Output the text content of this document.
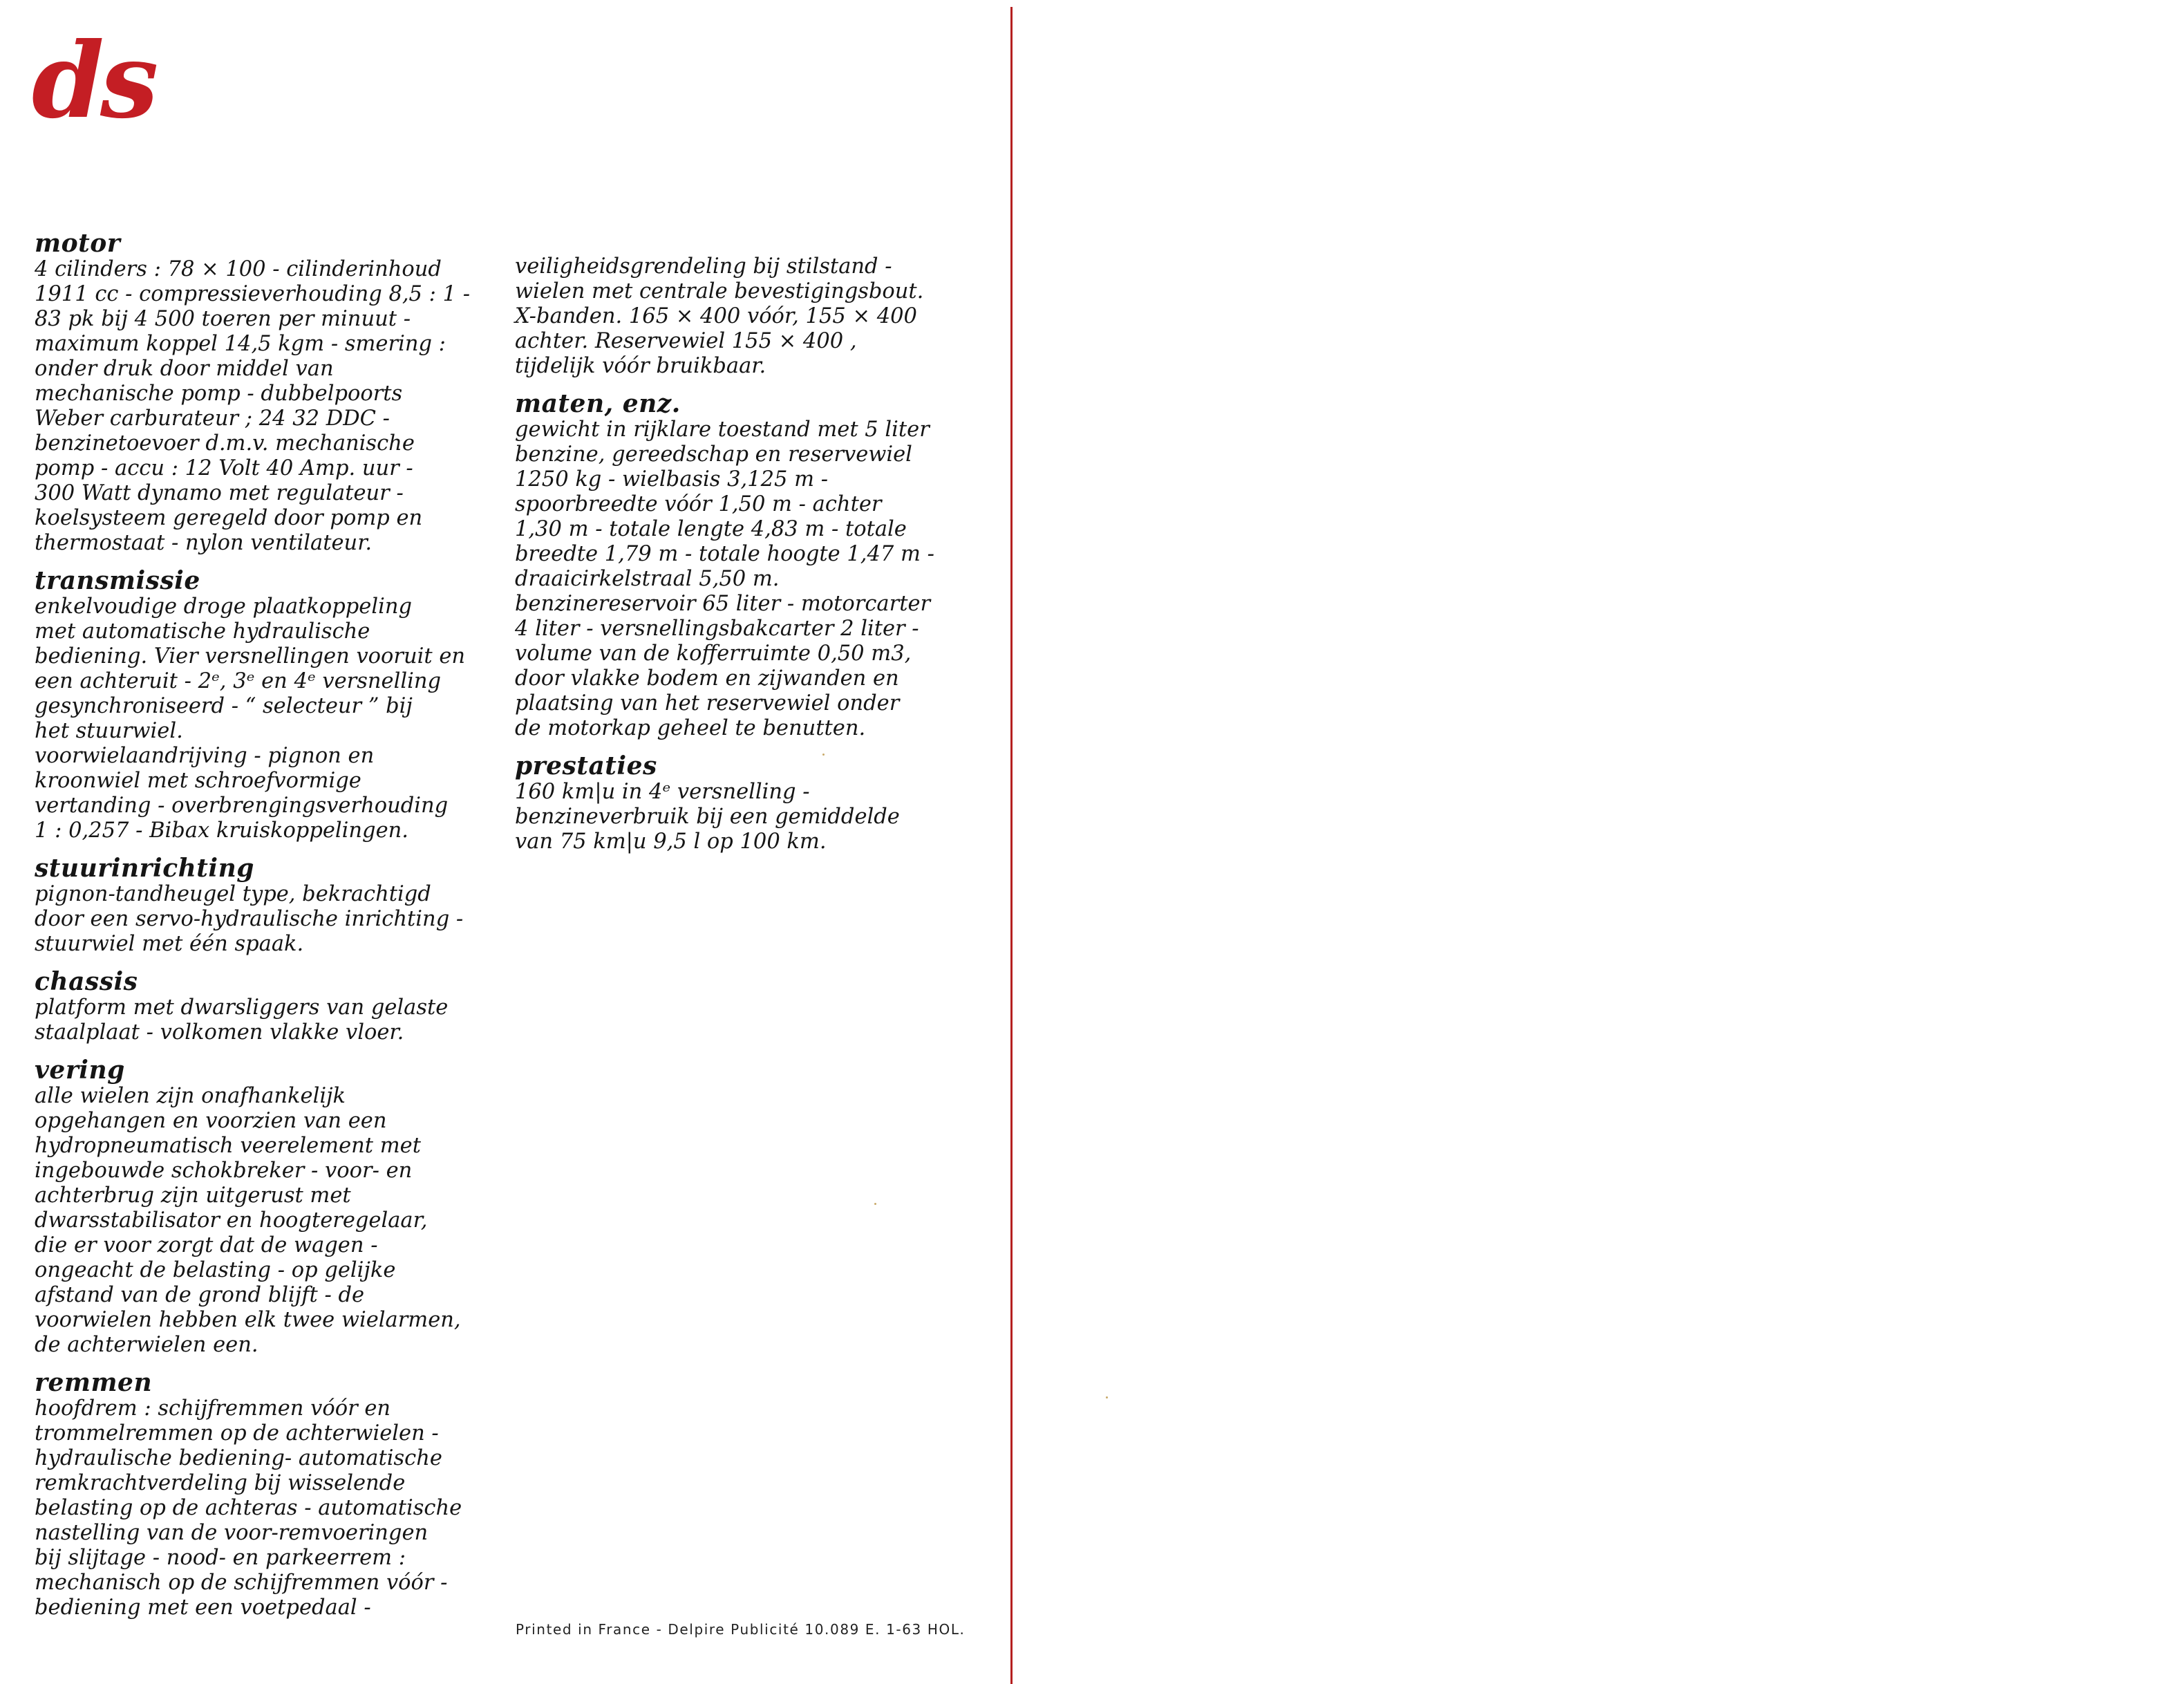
ds
motor

4 cilinders : 78 × 100 - cilinderinhoud
1911 cc - compressieverhouding 8,5 : 1 -
83 pk bij 4 500 toeren per minuut -
maximum koppel 14,5 kgm - smering :
onder druk door middel van
mechanische pomp - dubbelpoorts
Weber carburateur ; 24 32 DDC -
benzinetoevoer d.m.v. mechanische
pomp - accu : 12 Volt 40 Amp. uur -
300 Watt dynamo met regulateur -
koelsysteem geregeld door pomp en
thermostaat - nylon ventilateur.

transmissie

enkelvoudige droge plaatkoppeling
met automatische hydraulische
bediening. Vier versnellingen vooruit en
een achteruit - 2ᵉ, 3ᵉ en 4ᵉ versnelling
gesynchroniseerd - “ selecteur ” bij
het stuurwiel.
voorwielaandrijving - pignon en
kroonwiel met schroefvormige
vertanding - overbrengingsverhouding
1 : 0,257 - Bibax kruiskoppelingen.

stuurinrichting

pignon-tandheugel type, bekrachtigd
door een servo-hydraulische inrichting -
stuurwiel met één spaak.

chassis

platform met dwarsliggers van gelaste
staalplaat - volkomen vlakke vloer.

vering

alle wielen zijn onafhankelijk
opgehangen en voorzien van een
hydropneumatisch veerelement met
ingebouwde schokbreker - voor- en
achterbrug zijn uitgerust met
dwarsstabilisator en hoogteregelaar,
die er voor zorgt dat de wagen -
ongeacht de belasting - op gelijke
afstand van de grond blijft - de
voorwielen hebben elk twee wielarmen,
de achterwielen een.

remmen

hoofdrem : schijfremmen vóór en
trommelremmen op de achterwielen -
hydraulische bediening- automatische
remkrachtverdeling bij wisselende
belasting op de achteras - automatische
nastelling van de voor-remvoeringen
bij slijtage - nood- en parkeerrem :
mechanisch op de schijfremmen vóór -
bediening met een voetpedaal -

veiligheidsgrendeling bij stilstand -
wielen met centrale bevestigingsbout.
X-banden. 165 × 400 vóór, 155 × 400
achter. Reservewiel 155 × 400 ,
tijdelijk vóór bruikbaar.

maten, enz.

gewicht in rijklare toestand met 5 liter
benzine, gereedschap en reservewiel
1250 kg - wielbasis 3,125 m -
spoorbreedte vóór 1,50 m - achter
1,30 m - totale lengte 4,83 m - totale
breedte 1,79 m - totale hoogte 1,47 m -
draaicirkelstraal 5,50 m.
benzinereservoir 65 liter - motorcarter
4 liter - versnellingsbakcarter 2 liter -
volume van de kofferruimte 0,50 m3,
door vlakke bodem en zijwanden en
plaatsing van het reservewiel onder
de motorkap geheel te benutten.

prestaties

160 km|u in 4ᵉ versnelling -
benzineverbruik bij een gemiddelde
van 75 km|u 9,5 l op 100 km.

Printed in France - Delpire Publicité 10.089 E. 1-63 HOL.
